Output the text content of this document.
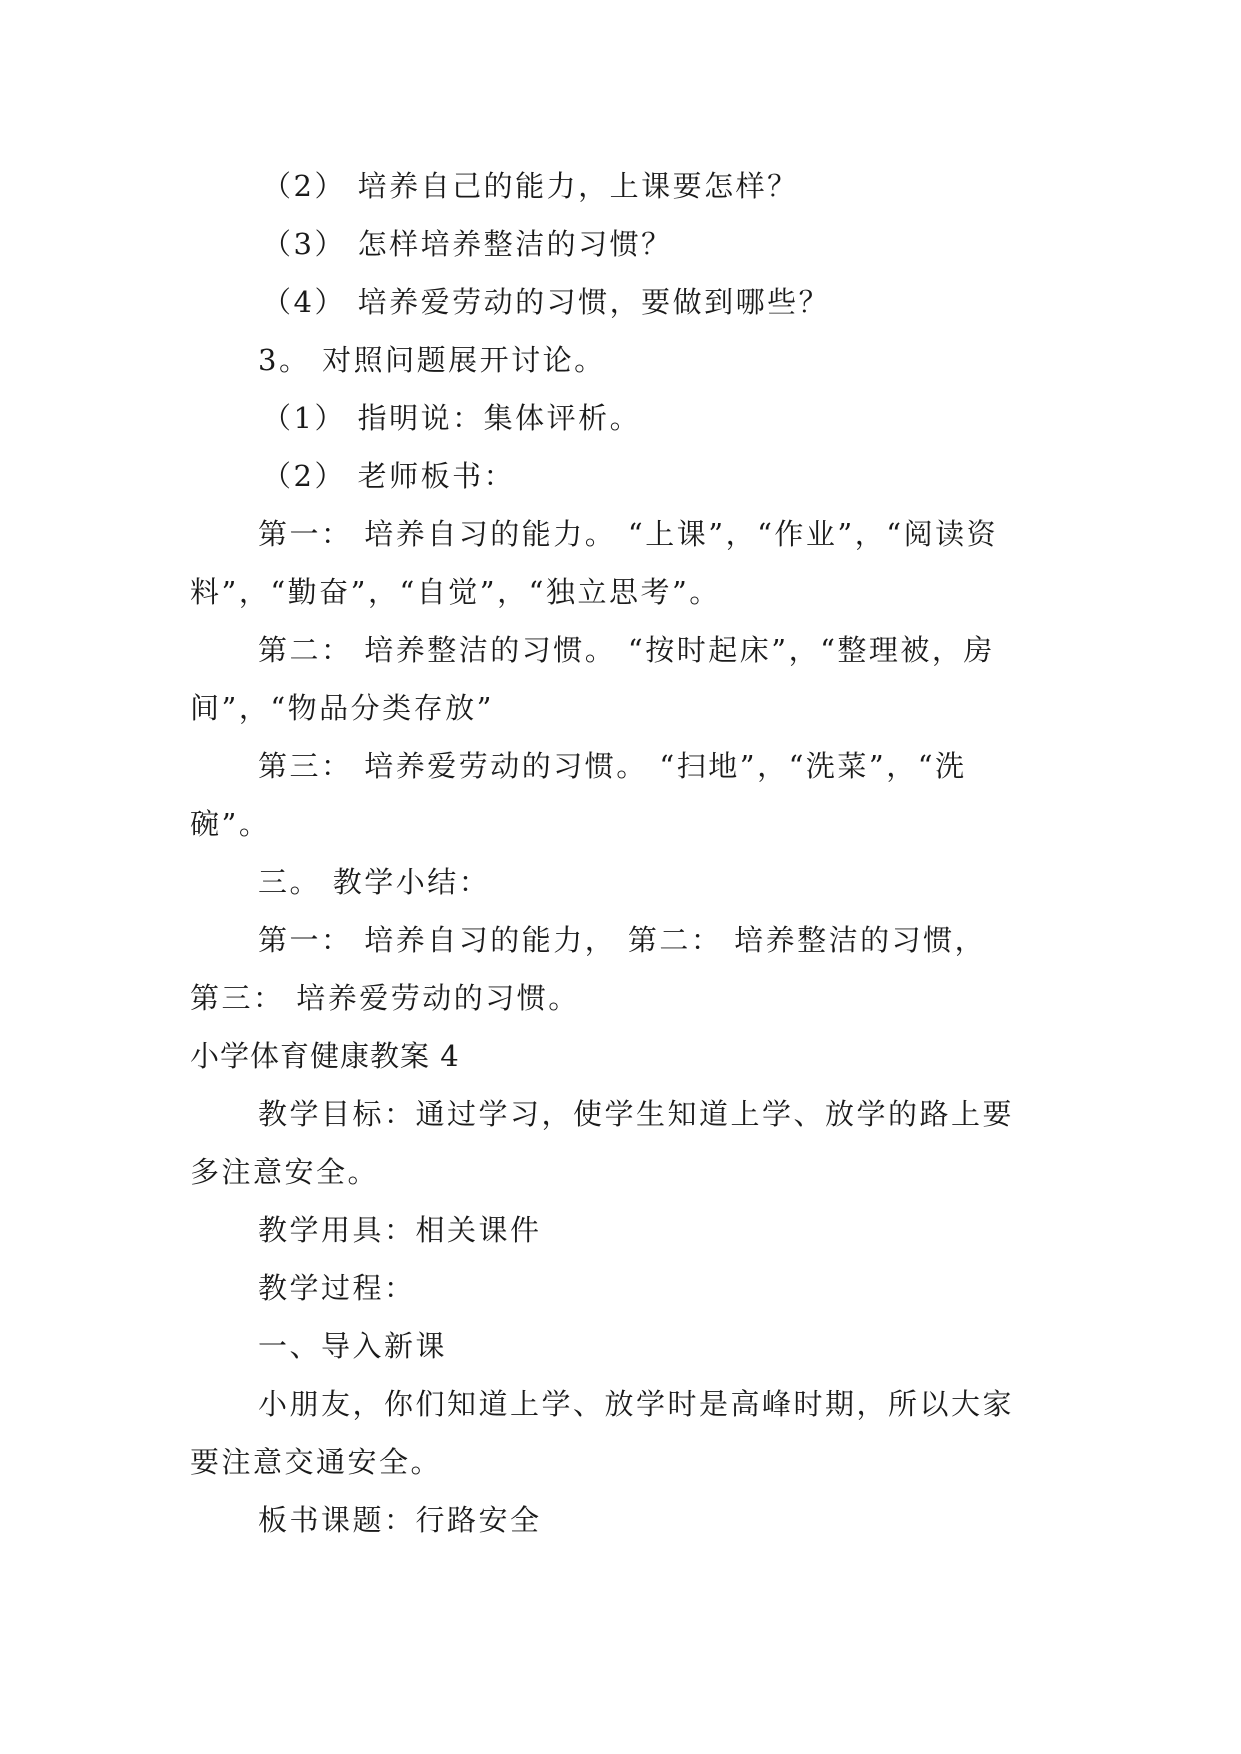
（2） 培养自己的能力，上课要怎样？
（3） 怎样培养整洁的习惯？
（4） 培养爱劳动的习惯，要做到哪些？
3。 对照问题展开讨论。
（1） 指明说：集体评析。
（2） 老师板书：
第一： 培养自习的能力。 “上课”，“作业”，“阅读资
料”，“勤奋”，“自觉”，“独立思考”。
第二： 培养整洁的习惯。 “按时起床”，“整理被，房
间”，“物品分类存放”
第三： 培养爱劳动的习惯。 “扫地”，“洗菜”，“洗
碗”。
三。 教学小结：
第一： 培养自习的能力， 第二： 培养整洁的习惯，
第三： 培养爱劳动的习惯。
小学体育健康教案 4
教学目标：通过学习，使学生知道上学、放学的路上要
多注意安全。
教学用具：相关课件
教学过程：
一、导入新课
小朋友，你们知道上学、放学时是高峰时期，所以大家
要注意交通安全。
板书课题：行路安全
